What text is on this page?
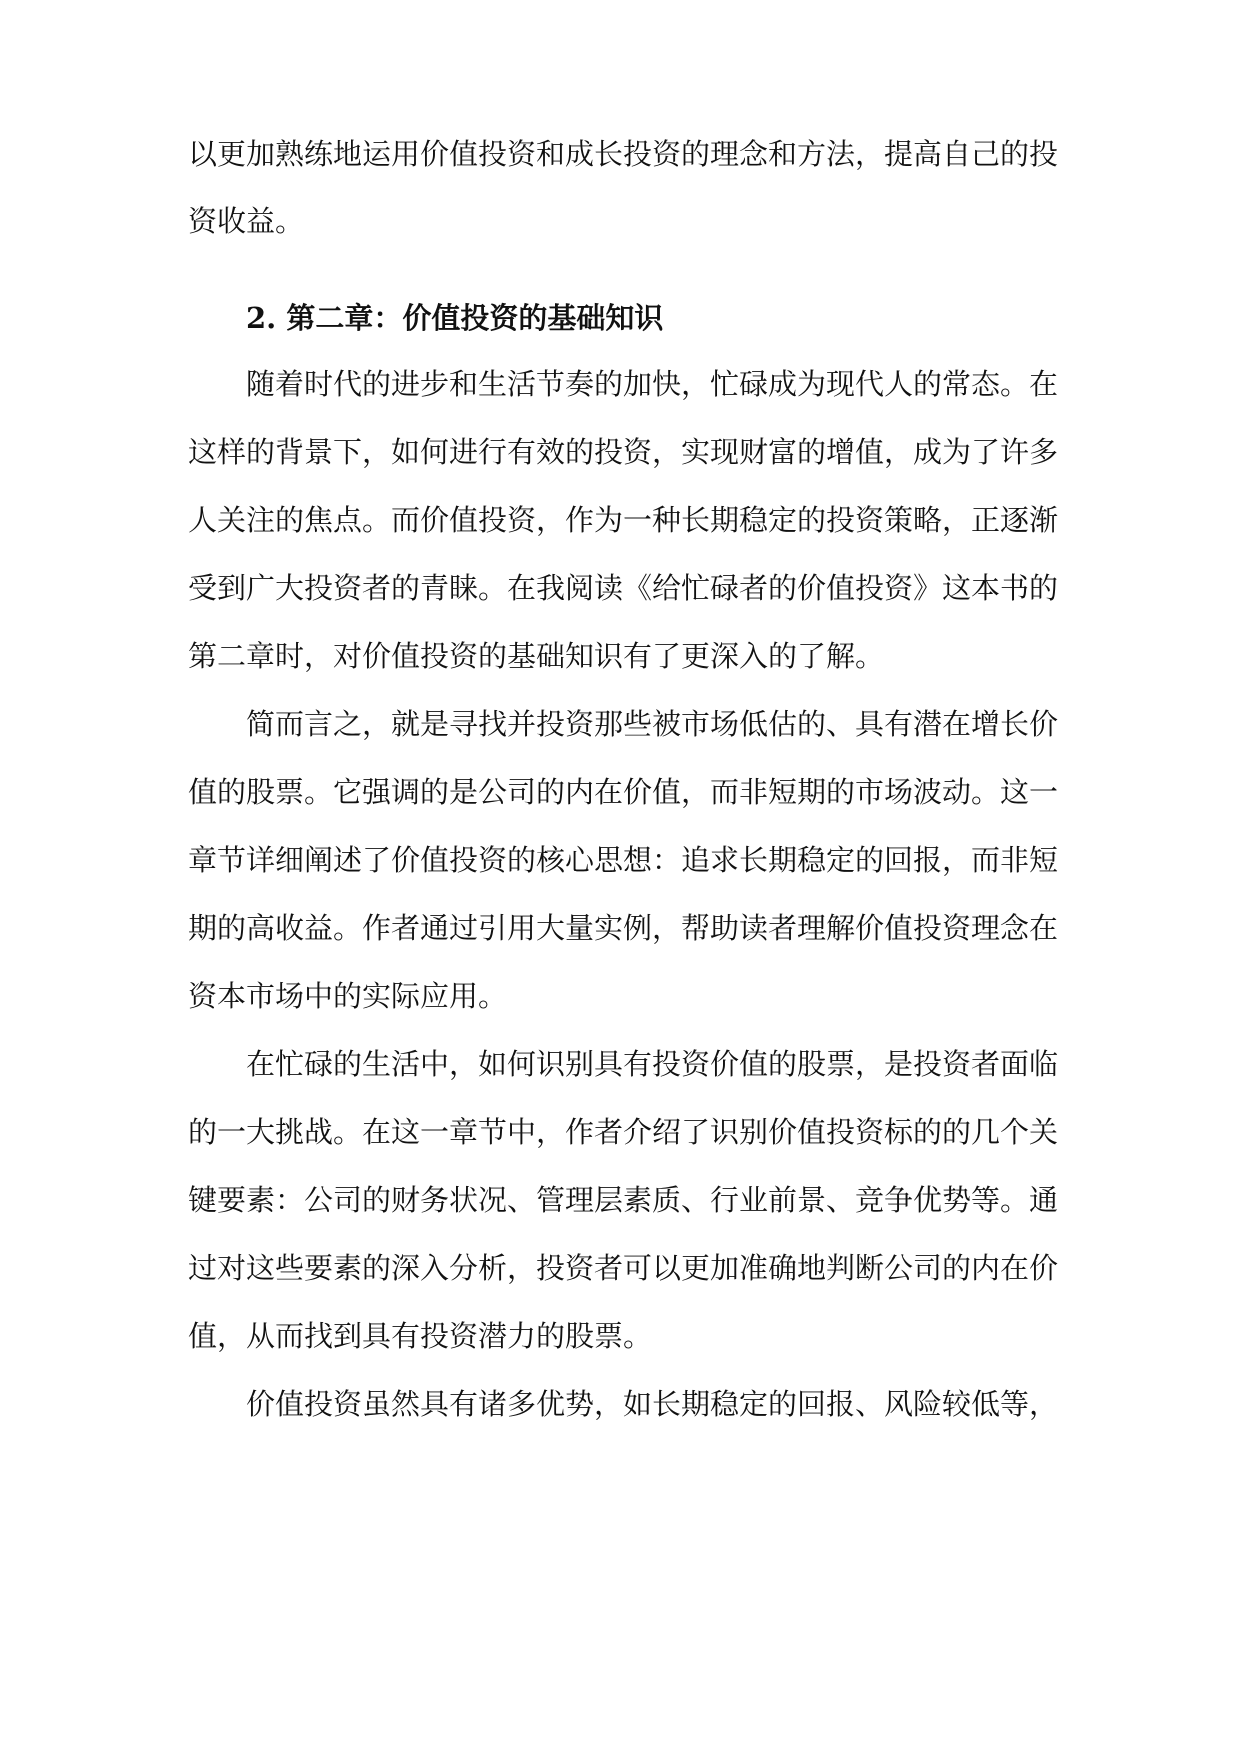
以更加熟练地运用价值投资和成长投资的理念和方法，提高自己的投
资收益。
2. 第二章：价值投资的基础知识
随着时代的进步和生活节奏的加快，忙碌成为现代人的常态。在
这样的背景下，如何进行有效的投资，实现财富的增值，成为了许多
人关注的焦点。而价值投资，作为一种长期稳定的投资策略，正逐渐
受到广大投资者的青睐。在我阅读《给忙碌者的价值投资》这本书的
第二章时，对价值投资的基础知识有了更深入的了解。
简而言之，就是寻找并投资那些被市场低估的、具有潜在增长价
值的股票。它强调的是公司的内在价值，而非短期的市场波动。这一
章节详细阐述了价值投资的核心思想：追求长期稳定的回报，而非短
期的高收益。作者通过引用大量实例，帮助读者理解价值投资理念在
资本市场中的实际应用。
在忙碌的生活中，如何识别具有投资价值的股票，是投资者面临
的一大挑战。在这一章节中，作者介绍了识别价值投资标的的几个关
键要素：公司的财务状况、管理层素质、行业前景、竞争优势等。通
过对这些要素的深入分析，投资者可以更加准确地判断公司的内在价
值，从而找到具有投资潜力的股票。
价值投资虽然具有诸多优势，如长期稳定的回报、风险较低等，
